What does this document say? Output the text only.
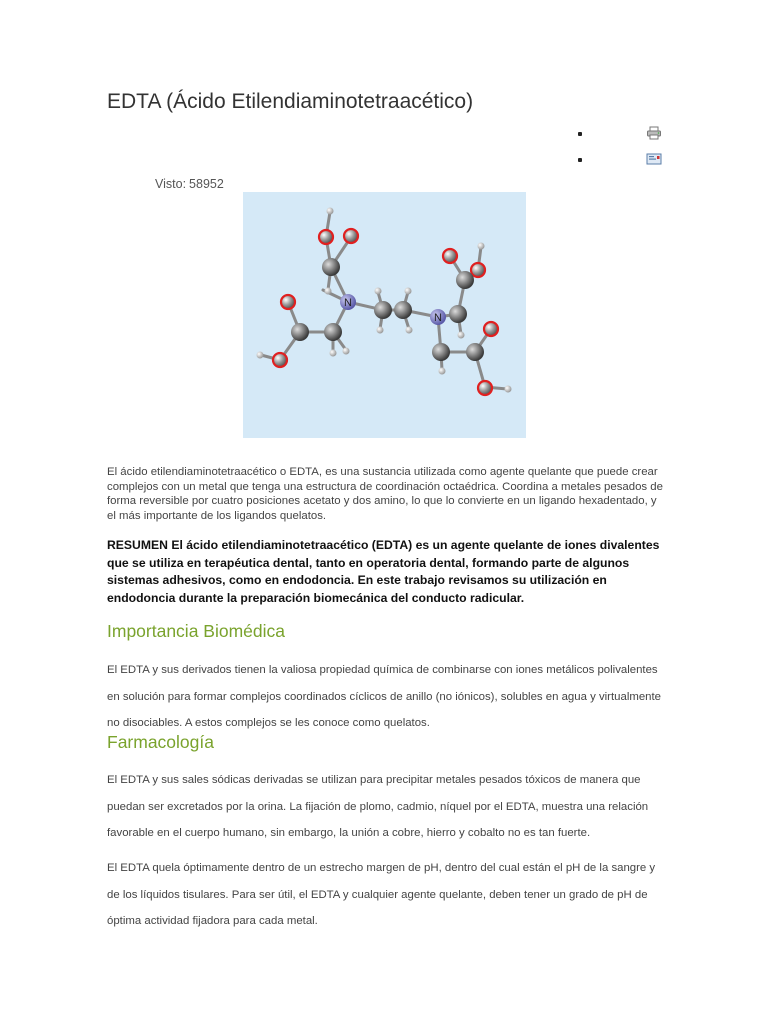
EDTA (Ácido Etilendiaminotetraacético)
Visto: 58952
N
N

El ácido etilendiaminotetraacético o EDTA, es una sustancia utilizada como agente quelante que puede crear complejos con un metal que tenga una estructura de coordinación octaédrica. Coordina a metales pesados de forma reversible por cuatro posiciones acetato y dos amino, lo que lo convierte en un ligando hexadentado, y el más importante de los ligandos quelatos.

RESUMEN El ácido etilendiaminotetraacético (EDTA) es un agente quelante de iones divalentes que se utiliza en terapéutica dental, tanto en operatoria dental, formando parte de algunos sistemas adhesivos, como en endodoncia. En este trabajo revisamos su utilización en endodoncia durante la preparación biomecánica del conducto radicular.

Importancia Biomédica

El EDTA y sus derivados tienen la valiosa propiedad química de combinarse con iones metálicos polivalentes en solución para formar complejos coordinados cíclicos de anillo (no iónicos), solubles en agua y virtualmente no disociables. A estos complejos se les conoce como quelatos.

Farmacología

El EDTA y sus sales sódicas derivadas se utilizan para precipitar metales pesados tóxicos de manera que puedan ser excretados por la orina. La fijación de plomo, cadmio, níquel por el EDTA, muestra una relación favorable en el cuerpo humano, sin embargo, la unión a cobre, hierro y cobalto no es tan fuerte.

El EDTA quela óptimamente dentro de un estrecho margen de pH, dentro del cual están el pH de la sangre y de los líquidos tisulares. Para ser útil, el EDTA y cualquier agente quelante, deben tener un grado de pH de óptima actividad fijadora para cada metal.
